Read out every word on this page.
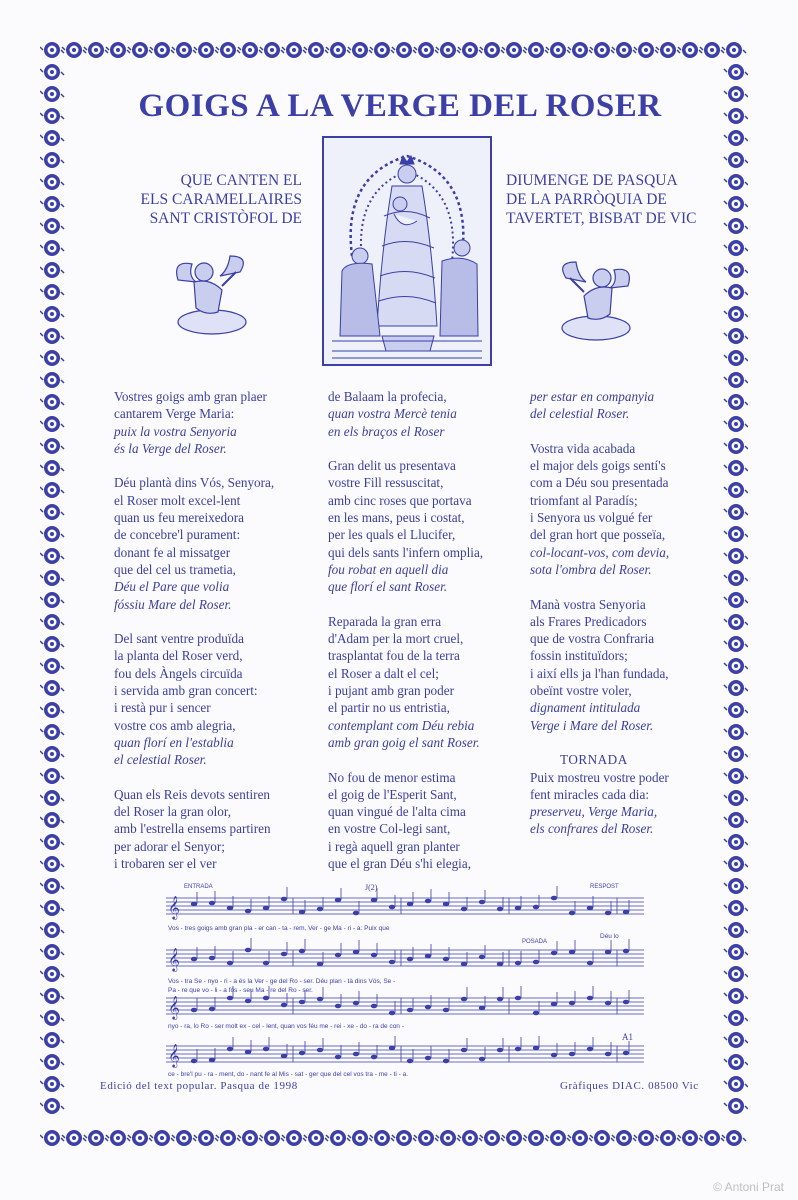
GOIGS A LA VERGE DEL ROSER
QUE CANTEN EL
ELS CARAMELLAIRES
SANT CRISTÒFOL DE
DIUMENGE DE PASQUA
DE LA PARRÒQUIA DE
TAVERTET, BISBAT DE VIC

Vostres goigs amb gran plaer

cantarem Verge Maria:

puix la vostra Senyoria

és la Verge del Roser.

Déu plantà dins Vós, Senyora,

el Roser molt excel-lent

quan us feu mereixedora

de concebre'l purament:

donant fe al missatger

que del cel us trametia,

Déu el Pare que volia

fóssiu Mare del Roser.

Del sant ventre produïda

la planta del Roser verd,

fou dels Àngels circuïda

i servida amb gran concert:

i restà pur i sencer

vostre cos amb alegria,

quan florí en l'establia

el celestial Roser.

Quan els Reis devots sentiren

del Roser la gran olor,

amb l'estrella ensems partiren

per adorar el Senyor;

i trobaren ser el ver

de Balaam la profecia,

quan vostra Mercè tenia

en els braços el Roser

Gran delit us presentava

vostre Fill ressuscitat,

amb cinc roses que portava

en les mans, peus i costat,

per les quals el Llucifer,

qui dels sants l'infern omplia,

fou robat en aquell dia

que florí el sant Roser.

Reparada la gran erra

d'Adam per la mort cruel,

trasplantat fou de la terra

el Roser a dalt el cel;

i pujant amb gran poder

el partir no us entristia,

contemplant com Déu rebia

amb gran goig el sant Roser.

No fou de menor estima

el goig de l'Esperit Sant,

quan vingué de l'alta cima

en vostre Col-legi sant,

i regà aquell gran planter

que el gran Déu s'hi elegia,

per estar en companyia

del celestial Roser.

Vostra vida acabada

el major dels goigs sentí's

com a Déu sou presentada

triomfant al Paradís;

i Senyora us volgué fer

del gran hort que posseïa,

col-locant-vos, com devia,

sota l'ombra del Roser.

Manà vostra Senyoria

als Frares Predicadors

que de vostra Confraria

fossin instituïdors;

i així ells ja l'han fundada,

obeïnt vostre voler,

dignament intitulada

Verge i Mare del Roser.

TORNADA

Puix mostreu vostre poder

fent miracles cada dia:

preserveu, Verge Maria,

els confrares del Roser.

ENTRADA	J(2)	RESPOST
POSADA
A1
𝄞
𝄞
𝄞
𝄞
Vos - tres goigs amb gran pla - er can - ta - rem, Ver - ge Ma - ri - a: Puix que
Déu lo
Vos - tra Se - nyo - ri - a és la Ver - ge del Ro - ser. Déu plan - tà dins Vós, Se -
Pa - re que vo - li - a fós - seu Ma - re del Ro - ser.
nyo - ra, lo Ro - ser molt ex - cel - lent, quan vos féu me - rei - xe - do - ra de con -
ce - bre'l pu - ra - ment, do - nant fe al Mis - sat - ger que del cel vos tra - me - ti - a.
Edició del text popular. Pasqua de 1998	Gràfiques DIAC. 08500 Vic
© Antoni Prat
